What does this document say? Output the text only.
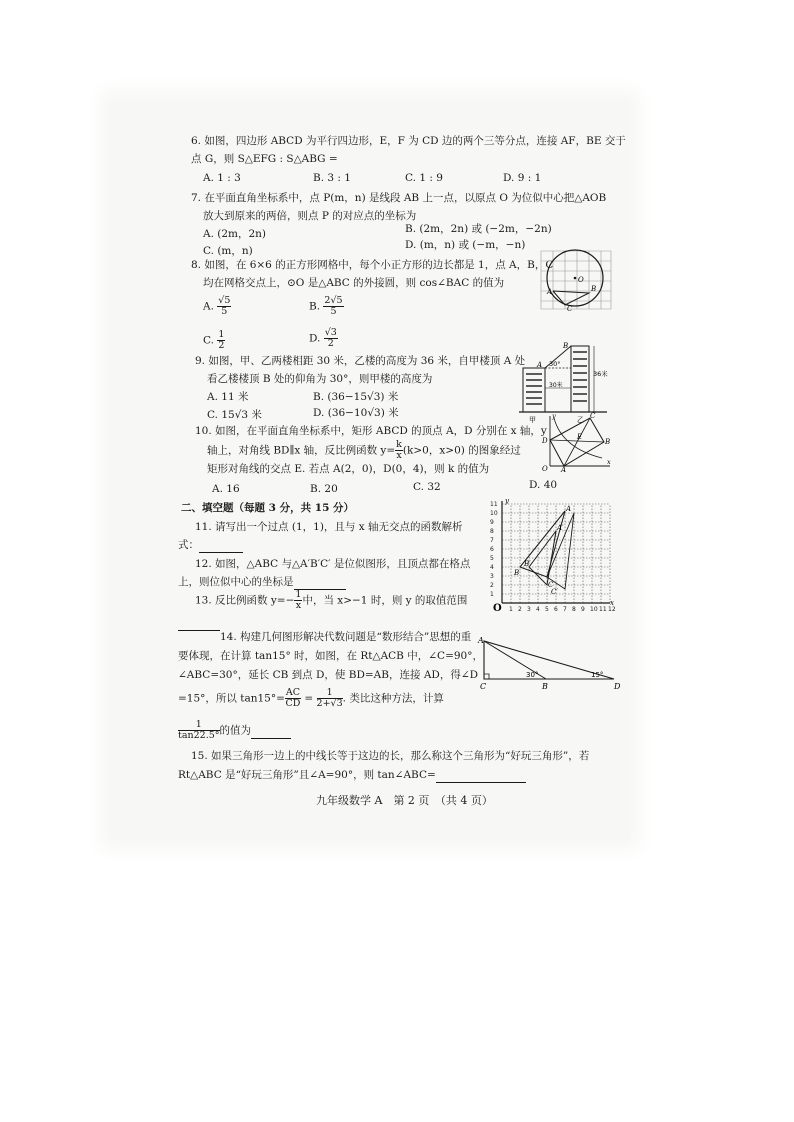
6. 如图，四边形 ABCD 为平行四边形，E，F 为 CD 边的两个三等分点，连接 AF，BE 交于
点 G，则 S△EFG : S△ABG =
A. 1 : 3	B. 3 : 1	C. 1 : 9	D. 9 : 1
7. 在平面直角坐标系中，点 P(m，n) 是线段 AB 上一点，以原点 O 为位似中心把△AOB
放大到原来的两倍，则点 P 的对应点的坐标为
A. (2m，2n)	B. (2m，2n) 或 (−2m，−2n)
C. (m，n)	D. (m，n) 或 (−m，−n)
8. 如图，在 6×6 的正方形网格中，每个小正方形的边长都是 1，点 A，B，C
均在网格交点上，⊙O 是△ABC 的外接圆，则 cos∠BAC 的值为
A. $\frac{√5}{5}$	B. $\frac{2√5}{5}$
C. $\frac{1}{2}$	D. $\frac{√3}{2}$
A	B
C
O
9. 如图，甲、乙两楼相距 30 米，乙楼的高度为 36 米，自甲楼顶 A 处
看乙楼楼顶 B 处的仰角为 30°，则甲楼的高度为
A. 11 米	B. (36−15√3) 米
C. 15√3 米	D. (36−10√3) 米
A
B
30°
36米
30米
甲	乙
10. 如图，在平面直角坐标系中，矩形 ABCD 的顶点 A，D 分别在 x 轴，y
轴上，对角线 BD∥x 轴，反比例函数 $y= \frac{k}{x} (k>0$，x>0) 的图象经过
矩形对角线的交点 E. 若点 A(2，0)，D(0，4)，则 k 的值为
A. 16	B. 20	C. 32	D. 40
O A
D	B
C
E
x
y
二、填空题（每题 3 分，共 15 分）
11. 请写出一个过点 (1，1)，且与 x 轴无交点的函数解析
式：
12. 如图，△ABC 与△A′B′C′ 是位似图形，且顶点都在格点
上，则位似中心的坐标是
1
2
3
4
5
6
7
8
9
10
11
1 2 3 4 5 6 7 8 9 10 11 12
O	x
y
B
A
C
A′
B′
C′
13. 反比例函数 $y=- \frac{1}{x}$ 中，当 x>−1 时，则 y 的取值范围
14. 构建几何图形解决代数问题是“数形结合”思想的重
要体现，在计算 tan15° 时，如图，在 Rt△ACB 中，∠C=90°，
∠ABC=30°，延长 CB 到点 D，使 BD=AB，连接 AD，得∠D
=15°，所以 $\tan 15^\circ= \frac{AC}{CD} = \frac{1}{2+√3}$ . 类比这种方法，计算
$\frac{1}{\tan 22.5^\circ}$ 的值为
A
C	B	D
30°	15°
15. 如果三角形一边上的中线长等于这边的长，那么称这个三角形为“好玩三角形”，若
Rt△ABC 是“好玩三角形”且∠A=90°，则 tan∠ABC=
九年级数学 A　第 2 页　（共 4 页）
